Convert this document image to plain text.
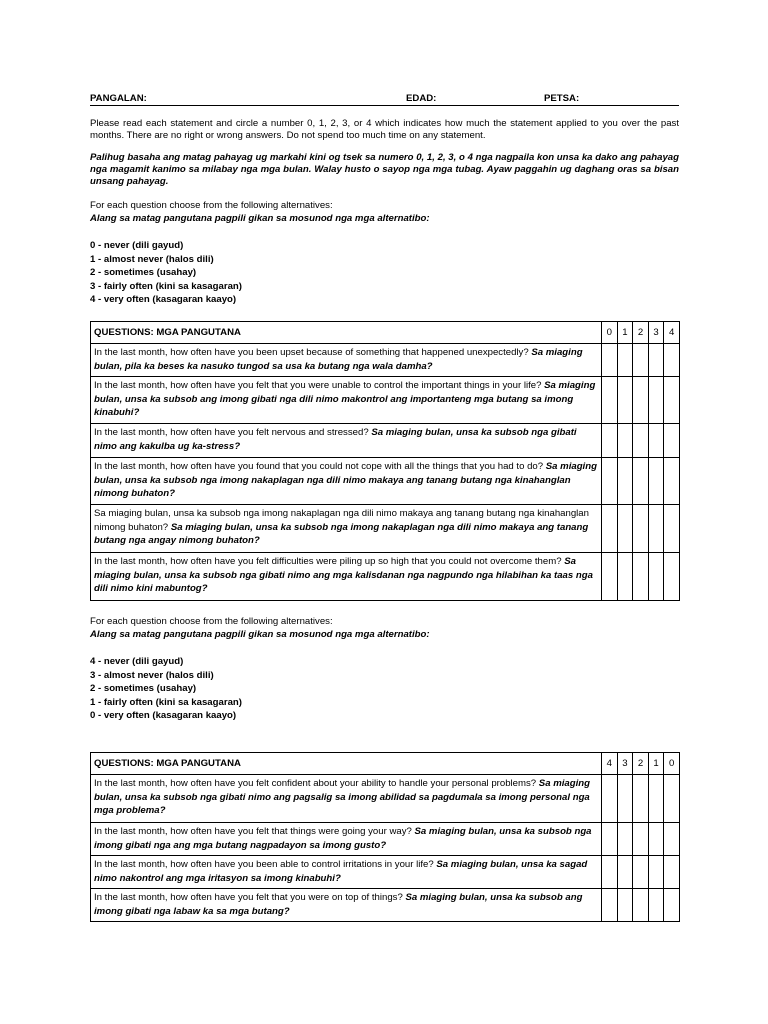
PANGALAN:	EDAD:	PETSA:

Please read each statement and circle a number 0, 1, 2, 3, or 4 which indicates how much the statement applied to you over the past months. There are no right or wrong answers. Do not spend too much time on any statement.

Palihug basaha ang matag pahayag ug markahi kini og tsek sa numero 0, 1, 2, 3, o 4 nga nagpaila kon unsa ka dako ang pahayag nga magamit kanimo sa milabay nga mga bulan. Walay husto o sayop nga mga tubag. Ayaw paggahin ug daghang oras sa bisan unsang pahayag.

For each question choose from the following alternatives:

Alang sa matag pangutana pagpili gikan sa mosunod nga mga alternatibo:

0 - never (dili gayud)
1 - almost never (halos dili)
2 - sometimes (usahay)
3 - fairly often (kini sa kasagaran)
4 - very often (kasagaran kaayo)
QUESTIONS: MGA PANGUTANA	0	1	2	3	4
In the last month, how often have you been upset because of something that happened unexpectedly? Sa miaging bulan, pila ka beses ka nasuko tungod sa usa ka butang nga wala damha?					
In the last month, how often have you felt that you were unable to control the important things in your life? Sa miaging bulan, unsa ka subsob ang imong gibati nga dili nimo makontrol ang importanteng mga butang sa imong kinabuhi?					
In the last month, how often have you felt nervous and stressed? Sa miaging bulan, unsa ka subsob nga gibati nimo ang kakulba ug ka-stress?					
In the last month, how often have you found that you could not cope with all the things that you had to do? Sa miaging bulan, unsa ka subsob nga imong nakaplagan nga dili nimo makaya ang tanang butang nga kinahanglan nimong buhaton?					
Sa miaging bulan, unsa ka subsob nga imong nakaplagan nga dili nimo makaya ang tanang butang nga kinahanglan nimong buhaton? Sa miaging bulan, unsa ka subsob nga imong nakaplagan nga dili nimo makaya ang tanang butang nga angay nimong buhaton?					
In the last month, how often have you felt difficulties were piling up so high that you could not overcome them? Sa miaging bulan, unsa ka subsob nga gibati nimo ang mga kalisdanan nga nagpundo nga hilabihan ka taas nga dili nimo kini mabuntog?					

For each question choose from the following alternatives:

Alang sa matag pangutana pagpili gikan sa mosunod nga mga alternatibo:

4 - never (dili gayud)
3 - almost never (halos dili)
2 - sometimes (usahay)
1 - fairly often (kini sa kasagaran)
0 - very often (kasagaran kaayo)
QUESTIONS: MGA PANGUTANA	4	3	2	1	0
In the last month, how often have you felt confident about your ability to handle your personal problems? Sa miaging bulan, unsa ka subsob nga gibati nimo ang pagsalig sa imong abilidad sa pagdumala sa imong personal nga mga problema?					
In the last month, how often have you felt that things were going your way? Sa miaging bulan, unsa ka subsob nga imong gibati nga ang mga butang nagpadayon sa imong gusto?					
In the last month, how often have you been able to control irritations in your life? Sa miaging bulan, unsa ka sagad nimo nakontrol ang mga iritasyon sa imong kinabuhi?					
In the last month, how often have you felt that you were on top of things? Sa miaging bulan, unsa ka subsob ang imong gibati nga labaw ka sa mga butang?					
